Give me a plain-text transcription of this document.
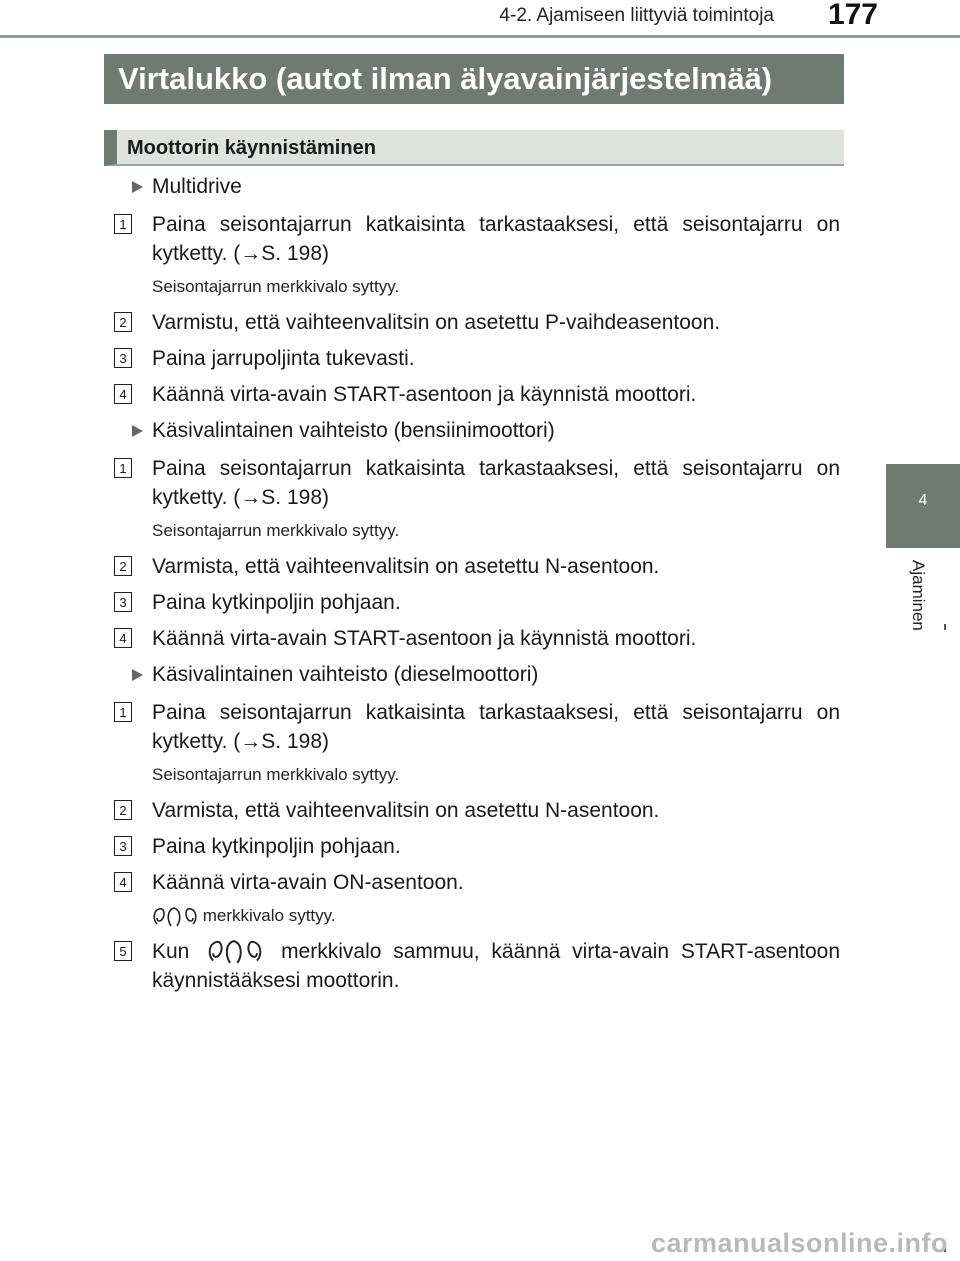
4-2. Ajamiseen liittyviä toimintoja 177
Virtalukko (autot ilman älyavainjärjestelmää)
Moottorin käynnistäminen
4
Ajaminen
Multidrive
1 Paina seisontajarrun katkaisinta tarkastaaksesi, että seisontajarru on kytketty. (→S. 198)
Seisontajarrun merkkivalo syttyy.
2 Varmistu, että vaihteenvalitsin on asetettu P-vaihdeasentoon.
3 Paina jarrupoljinta tukevasti.
4 Käännä virta-avain START-asentoon ja käynnistä moottori.
Käsivalintainen vaihteisto (bensiinimoottori)
1 Paina seisontajarrun katkaisinta tarkastaaksesi, että seisontajarru on kytketty. (→S. 198)
Seisontajarrun merkkivalo syttyy.
2 Varmista, että vaihteenvalitsin on asetettu N-asentoon.
3 Paina kytkinpoljin pohjaan.
4 Käännä virta-avain START-asentoon ja käynnistä moottori.
Käsivalintainen vaihteisto (dieselmoottori)
1 Paina seisontajarrun katkaisinta tarkastaaksesi, että seisontajarru on kytketty. (→S. 198)
Seisontajarrun merkkivalo syttyy.
2 Varmista, että vaihteenvalitsin on asetettu N-asentoon.
3 Paina kytkinpoljin pohjaan.
4 Käännä virta-avain ON-asentoon.
merkkivalo syttyy.
5 Kun	merkkivalo sammuu, käännä virta-avain START-asentoon käynnistääksesi moottorin.
carmanualsonline.info
